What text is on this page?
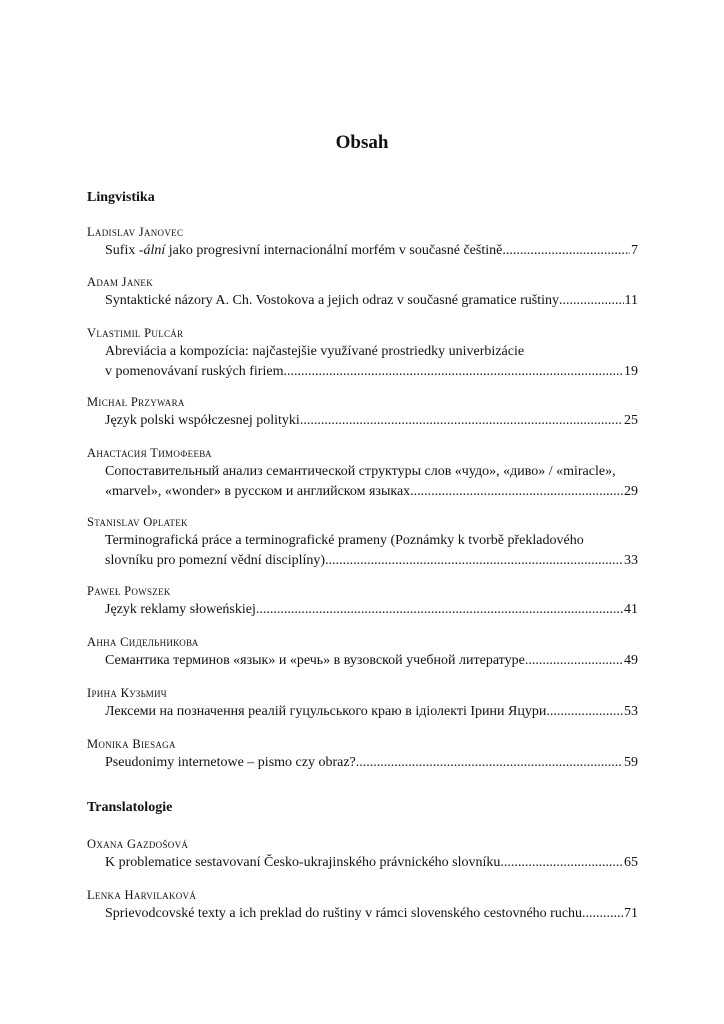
Obsah
Lingvistika
Ladislav Janovec
Sufix -ální jako progresivní internacionální morfém v současné češtině .....	7
Adam Janek
Syntaktické názory A. Ch. Vostokova a jejich odraz v současné gramatice ruštiny .....	11
Vlastimil Pulcár
Abreviácia a kompozícia: najčastejšie využívané prostriedky univerbizácie
v pomenovávaní ruských firiem .....	19
Michał Przywara
Język polski współczesnej polityki .....	25
Анастасия Тимофеева
Сопоставительный анализ семантической структуры слов «чудо», «диво» / «miracle»,
«marvel», «wonder» в русском и английском языках .....	29
Stanislav Oplatek
Terminografická práce a terminografické prameny (Poznámky k tvorbě překladového
slovníku pro pomezní vědní disciplíny) .....	33
Paweł Powszek
Język reklamy słoweńskiej .....	41
Анна Сидельникова
Семантика терминов «язык» и «речь» в вузовской учебной литературе .....	49
Ірина Кузьмич
Лексеми на позначення реалій гуцульського краю в ідіолекті Ірини Яцури .....	53
Monika Biesaga
Pseudonimy internetowe – pismo czy obraz? .....	59
Translatologie
Oxana Gazdošová
K problematice sestavovaní Česko-ukrajinského právnického slovníku .....	65
Lenka Harvilaková
Sprievodcovské texty a ich preklad do ruštiny v rámci slovenského cestovného ruchu .....	71
